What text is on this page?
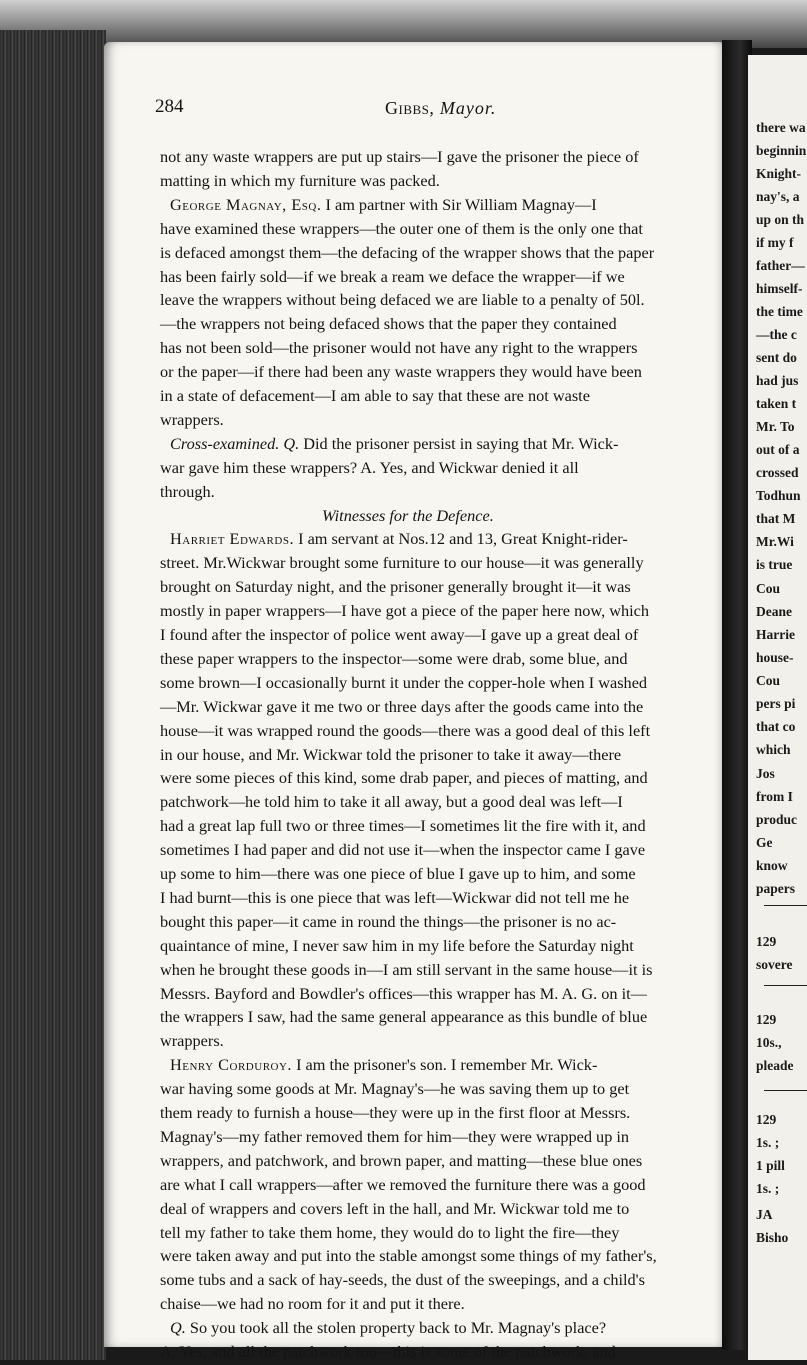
there wa
beginnin
Knight-
nay's, a
up on th
if my f
father—
himself-
the time
—the c
sent do
had jus
taken t
Mr. To
out of a
crossed
Todhun
that M
Mr.Wi
is true
Cou
Deane
Harrie
house-
Cou
pers pi
that co
which
Jos
from I
produc
Ge
know
papers
129
sovere
129
10s.,
pleade
129
1s. ;
1 pill
1s. ;
JA
Bisho
284	Gibbs, Mayor.
not any waste wrappers are put up stairs—I gave the prisoner the piece of
matting in which my furniture was packed.
George Magnay, Esq. I am partner with Sir William Magnay—I
have examined these wrappers—the outer one of them is the only one that
is defaced amongst them—the defacing of the wrapper shows that the paper
has been fairly sold—if we break a ream we deface the wrapper—if we
leave the wrappers without being defaced we are liable to a penalty of 50l.
—the wrappers not being defaced shows that the paper they contained
has not been sold—the prisoner would not have any right to the wrappers
or the paper—if there had been any waste wrappers they would have been
in a state of defacement—I am able to say that these are not waste
wrappers.
Cross-examined. Q. Did the prisoner persist in saying that Mr. Wick-
war gave him these wrappers? A. Yes, and Wickwar denied it all
through.
Witnesses for the Defence.
Harriet Edwards. I am servant at Nos.12 and 13, Great Knight-rider-
street. Mr.Wickwar brought some furniture to our house—it was generally
brought on Saturday night, and the prisoner generally brought it—it was
mostly in paper wrappers—I have got a piece of the paper here now, which
I found after the inspector of police went away—I gave up a great deal of
these paper wrappers to the inspector—some were drab, some blue, and
some brown—I occasionally burnt it under the copper-hole when I washed
—Mr. Wickwar gave it me two or three days after the goods came into the
house—it was wrapped round the goods—there was a good deal of this left
in our house, and Mr. Wickwar told the prisoner to take it away—there
were some pieces of this kind, some drab paper, and pieces of matting, and
patchwork—he told him to take it all away, but a good deal was left—I
had a great lap full two or three times—I sometimes lit the fire with it, and
sometimes I had paper and did not use it—when the inspector came I gave
up some to him—there was one piece of blue I gave up to him, and some
I had burnt—this is one piece that was left—Wickwar did not tell me he
bought this paper—it came in round the things—the prisoner is no ac-
quaintance of mine, I never saw him in my life before the Saturday night
when he brought these goods in—I am still servant in the same house—it is
Messrs. Bayford and Bowdler's offices—this wrapper has M. A. G. on it—
the wrappers I saw, had the same general appearance as this bundle of blue
wrappers.
Henry Corduroy. I am the prisoner's son. I remember Mr. Wick-
war having some goods at Mr. Magnay's—he was saving them up to get
them ready to furnish a house—they were up in the first floor at Messrs.
Magnay's—my father removed them for him—they were wrapped up in
wrappers, and patchwork, and brown paper, and matting—these blue ones
are what I call wrappers—after we removed the furniture there was a good
deal of wrappers and covers left in the hall, and Mr. Wickwar told me to
tell my father to take them home, they would do to light the fire—they
were taken away and put into the stable amongst some things of my father's,
some tubs and a sack of hay-seeds, the dust of the sweepings, and a child's
chaise—we had no room for it and put it there.
Q. So you took all the stolen property back to Mr. Magnay's place?
A. Yes, and all the patchwork too—this is some of the patchwork, and
